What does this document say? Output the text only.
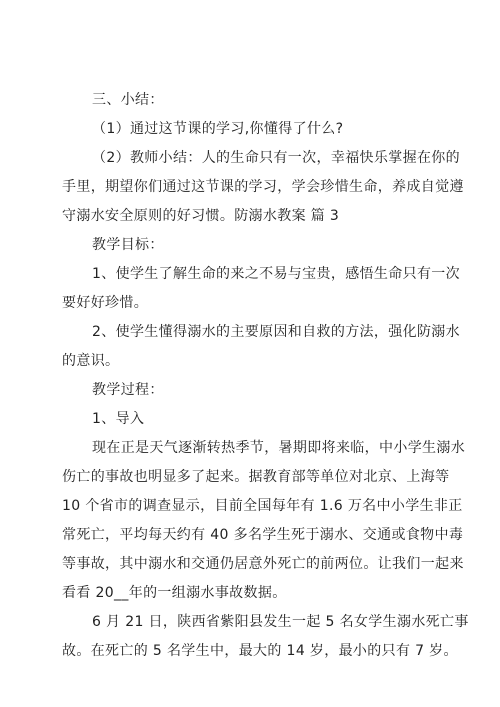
三、小结：
（1）通过这节课的学习,你懂得了什么?
（2）教师小结：人的生命只有一次，幸福快乐掌握在你的
手里，期望你们通过这节课的学习，学会珍惜生命，养成自觉遵
守溺水安全原则的好习惯。防溺水教案 篇 3
教学目标：
1、使学生了解生命的来之不易与宝贵，感悟生命只有一次
要好好珍惜。
2、使学生懂得溺水的主要原因和自救的方法，强化防溺水
的意识。
教学过程：
1、导入
现在正是天气逐渐转热季节，暑期即将来临，中小学生溺水
伤亡的事故也明显多了起来。据教育部等单位对北京、上海等
10 个省市的调查显示，目前全国每年有 1.6 万名中小学生非正
常死亡，平均每天约有 40 多名学生死于溺水、交通或食物中毒
等事故，其中溺水和交通仍居意外死亡的前两位。让我们一起来
看看 20__年的一组溺水事故数据。
6 月 21 日，陕西省紫阳县发生一起 5 名女学生溺水死亡事
故。在死亡的 5 名学生中，最大的 14 岁，最小的只有 7 岁。
